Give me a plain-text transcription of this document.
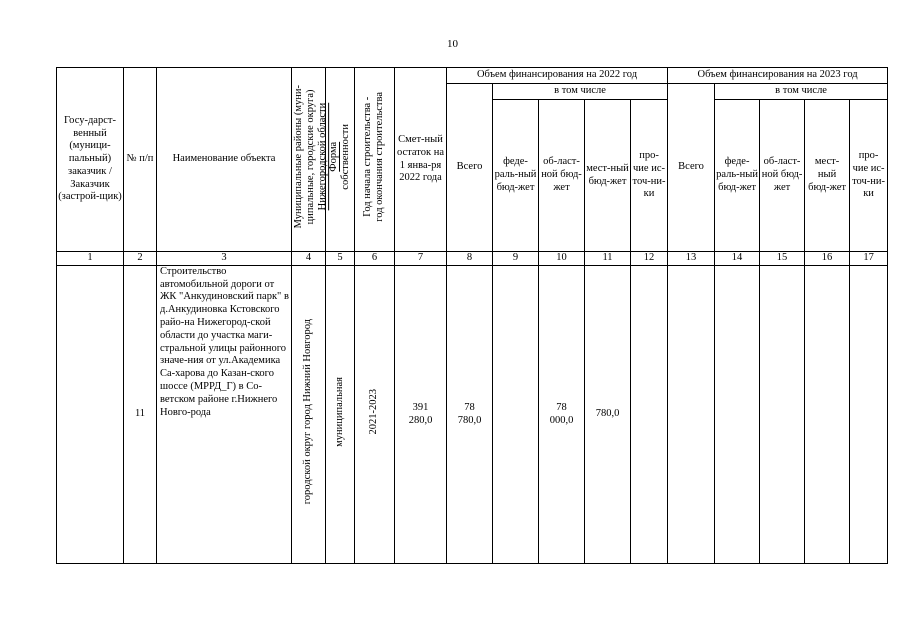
10
Госу-дарст-венный (муници-пальный) заказчик / Заказчик (застрой-щик)	№ п/п	Наименование объекта	Муниципальные районы (муни-
ципальные, городские округа)
Нижегородской области	Форма
собственности	Год начала строительства -
год окончания строительства	Смет-ный остаток на 1 янва-ря 2022 года	Объем финансирования на 2022 год					Объем финансирования на 2023 год				
							Всего	в том числе				Всего	в том числе			
								феде-раль-ный бюд-жет	об-ласт-ной бюд-жет	мест-ный бюд-жет	про-чие ис-точ-ни-ки		феде-раль-ный бюд-жет	об-ласт-ной бюд-жет	мест-ный бюд-жет	про-чие ис-точ-ни-ки
1	2	3	4	5	6	7	8	9	10	11	12	13	14	15	16	17
	11	Строительство автомобильной дороги от ЖК "Анкудиновский парк" в д.Анкудиновка Кстовского райо-на Нижегород-ской области до участка маги-стральной улицы районного значе-ния от ул.Академика Са-харова до Казан-ского шоссе (МРРД_Г) в Со-ветском районе г.Нижнего Новго-рода	городской округ город Нижний Новгород	муниципальная	2021-2023	391
280,0	78
780,0		78
000,0	780,0						
